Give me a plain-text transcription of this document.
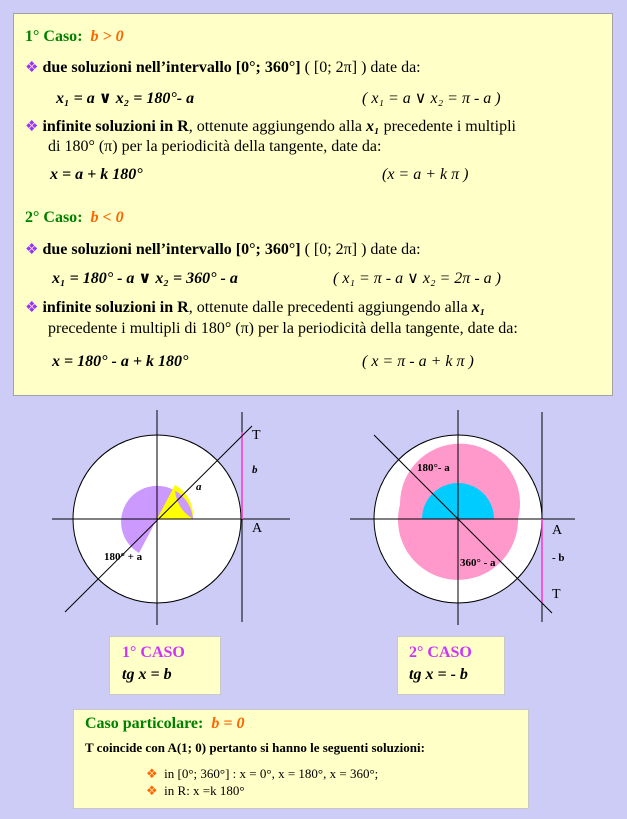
1° Caso: b > 0
❖ due soluzioni nell’intervallo [0°; 360°] ( [0; 2π] ) date da:
x₁ = a ∨ x₂ = 180°- a	( x₁ = a ∨ x₂ = π - a )
❖ infinite soluzioni in R, ottenute aggiungendo alla x₁ precedente i multipli
di 180° (π) per la periodicità della tangente, date da:
x = a + k 180°	(x = a + k π )
2° Caso: b < 0
❖ due soluzioni nell’intervallo [0°; 360°] ( [0; 2π] ) date da:
x₁ = 180° - a ∨ x₂ = 360° - a	( x₁ = π - a ∨ x₂ = 2π - a )
❖ infinite soluzioni in R, ottenute dalle precedenti aggiungendo alla x₁
precedente i multipli di 180° (π) per la periodicità della tangente, date da:
x = 180° - a + k 180°	( x = π - a + k π )
T
b
A
a
180° + a
180°- a
360° - a
A
- b
T
1° CASO
tg x = b
2° CASO
tg x = - b
Caso particolare: b = 0
T coincide con A(1; 0) pertanto si hanno le seguenti soluzioni:
❖ in [0°; 360°] : x = 0°, x = 180°, x = 360°;
❖ in R: x =k 180°
